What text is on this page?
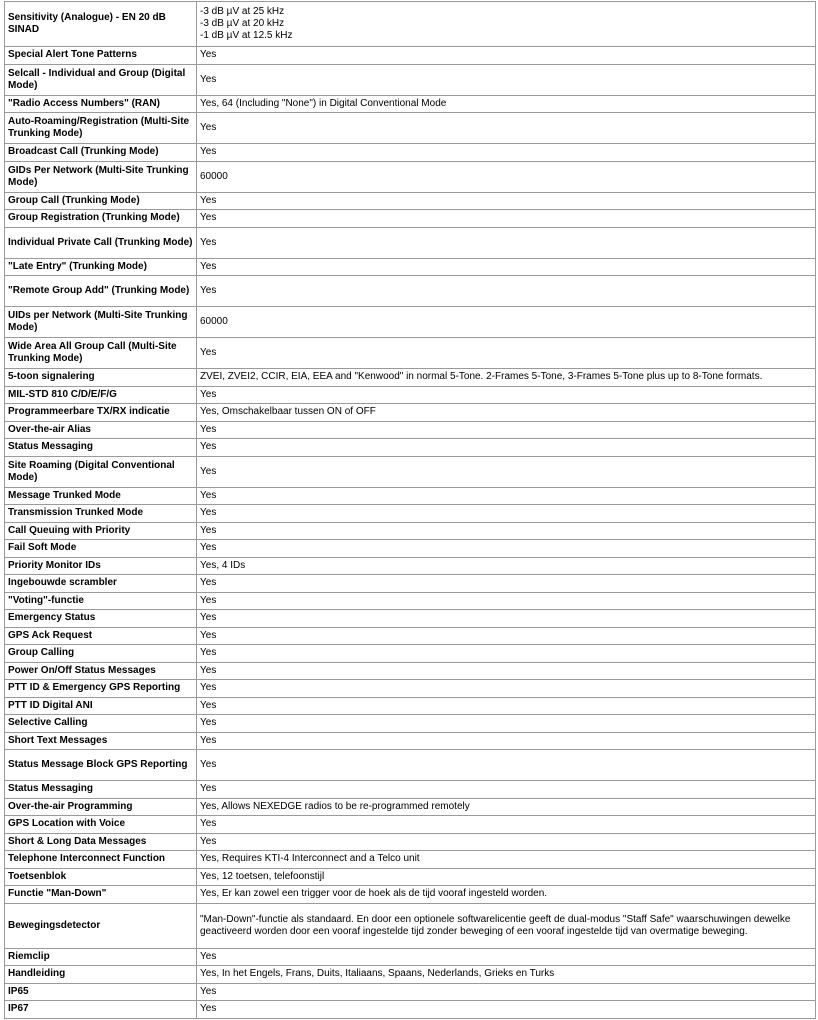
Sensitivity (Analogue) - EN 20 dB SINAD	-3 dB µV at 25 kHz
-3 dB µV at 20 kHz
-1 dB µV at 12.5 kHz

Special Alert Tone Patterns	Yes
Selcall - Individual and Group (Digital Mode)	Yes
"Radio Access Numbers" (RAN)	Yes, 64 (Including "None") in Digital Conventional Mode
Auto-Roaming/Registration (Multi-Site Trunking Mode)	Yes
Broadcast Call (Trunking Mode)	Yes
GIDs Per Network (Multi-Site Trunking Mode)	60000
Group Call (Trunking Mode)	Yes
Group Registration (Trunking Mode)	Yes
Individual Private Call (Trunking Mode)	Yes
"Late Entry" (Trunking Mode)	Yes
"Remote Group Add" (Trunking Mode)	Yes
UIDs per Network (Multi-Site Trunking Mode)	60000
Wide Area All Group Call (Multi-Site Trunking Mode)	Yes
5-toon signalering	ZVEI, ZVEI2, CCIR, EIA, EEA and "Kenwood" in normal 5-Tone. 2-Frames 5-Tone, 3-Frames 5-Tone plus up to 8-Tone formats.
MIL-STD 810 C/D/E/F/G	Yes
Programmeerbare TX/RX indicatie	Yes, Omschakelbaar tussen ON of OFF
Over-the-air Alias	Yes
Status Messaging	Yes
Site Roaming (Digital Conventional Mode)	Yes
Message Trunked Mode	Yes
Transmission Trunked Mode	Yes
Call Queuing with Priority	Yes
Fail Soft Mode	Yes
Priority Monitor IDs	Yes, 4 IDs
Ingebouwde scrambler	Yes
"Voting"-functie	Yes
Emergency Status	Yes
GPS Ack Request	Yes
Group Calling	Yes
Power On/Off Status Messages	Yes
PTT ID & Emergency GPS Reporting	Yes
PTT ID Digital ANI	Yes
Selective Calling	Yes
Short Text Messages	Yes
Status Message Block GPS Reporting	Yes
Status Messaging	Yes
Over-the-air Programming	Yes, Allows NEXEDGE radios to be re-programmed remotely
GPS Location with Voice	Yes
Short & Long Data Messages	Yes
Telephone Interconnect Function	Yes, Requires KTI-4 Interconnect and a Telco unit
Toetsenblok	Yes, 12 toetsen, telefoonstijl
Functie "Man-Down"	Yes, Er kan zowel een trigger voor de hoek als de tijd vooraf ingesteld worden.
Bewegingsdetector	"Man-Down"-functie als standaard. En door een optionele softwarelicentie geeft de dual-modus "Staff Safe" waarschuwingen dewelke geactiveerd worden door een vooraf ingestelde tijd zonder beweging of een vooraf ingestelde tijd van overmatige beweging.
Riemclip	Yes
Handleiding	Yes, In het Engels, Frans, Duits, Italiaans, Spaans, Nederlands, Grieks en Turks
IP65	Yes
IP67	Yes
